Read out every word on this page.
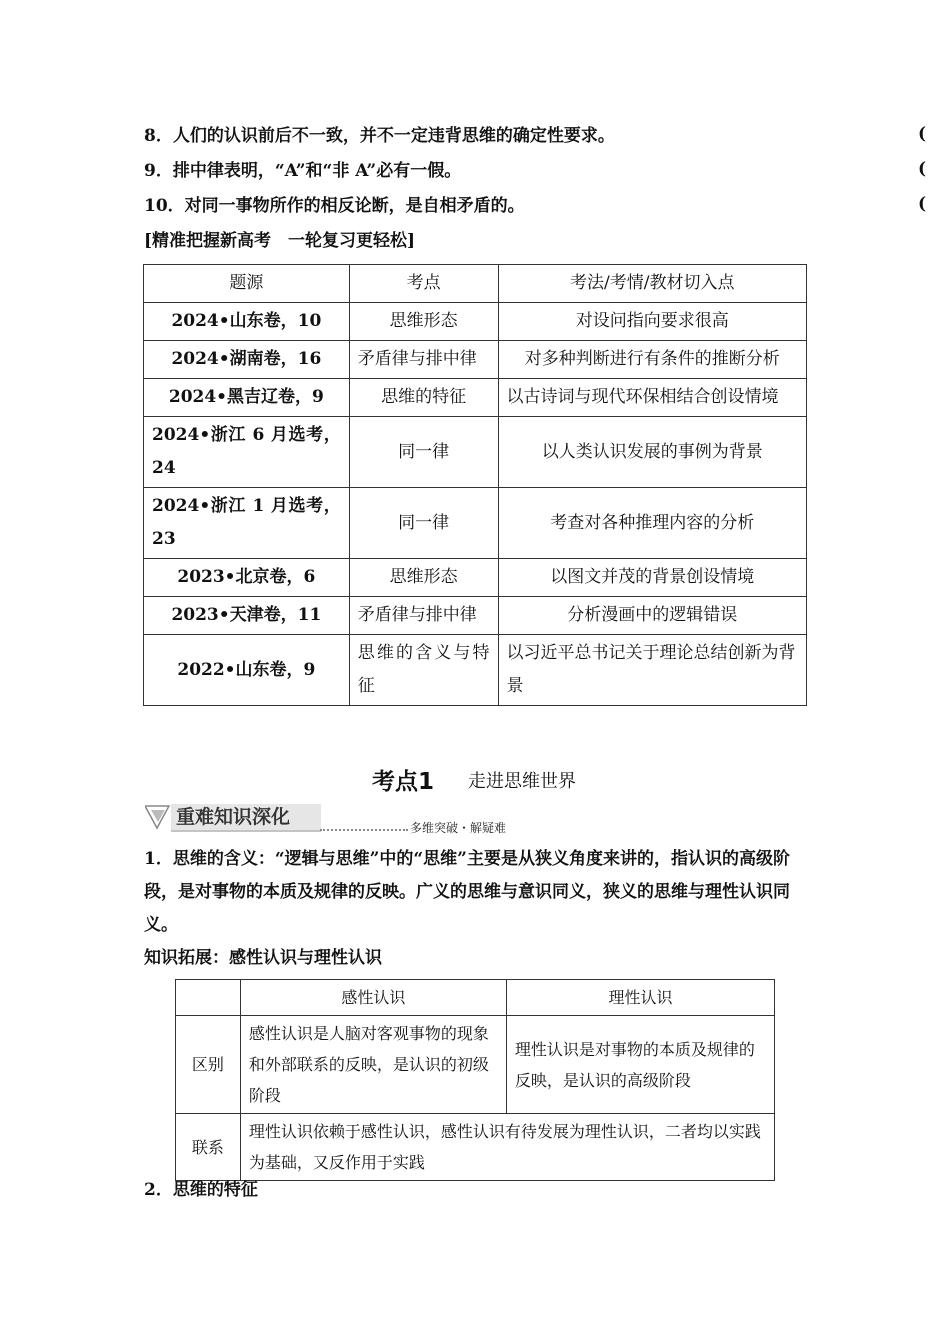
8．人们的认识前后不一致，并不一定违背思维的确定性要求。	(
9．排中律表明，“A”和“非 A”必有一假。	(
10．对同一事物所作的相反论断，是自相矛盾的。	(
[精准把握新高考　一轮复习更轻松]
题源	考点	考法/考情/教材切入点
2024•山东卷，10	思维形态	对设问指向要求很高
2024•湖南卷，16	矛盾律与排中律	对多种判断进行有条件的推断分析
2024•黑吉辽卷，9	思维的特征	以古诗词与现代环保相结合创设情境
2024•浙江 6 月选考，24	同一律	以人类认识发展的事例为背景
2024•浙江 1 月选考，23	同一律	考查对各种推理内容的分析
2023•北京卷，6	思维形态	以图文并茂的背景创设情境
2023•天津卷，11	矛盾律与排中律	分析漫画中的逻辑错误
2022•山东卷，9	思维的含义与特征	以习近平总书记关于理论总结创新为背景
考点1 走进思维世界
重难知识深化	多维突破・解疑难
1．思维的含义：“逻辑与思维”中的“思维”主要是从狭义角度来讲的，指认识的高级阶段，是对事物的本质及规律的反映。广义的思维与意识同义，狭义的思维与理性认识同义。
知识拓展：感性认识与理性认识
	感性认识	理性认识
区别	感性认识是人脑对客观事物的现象和外部联系的反映，是认识的初级阶段	理性认识是对事物的本质及规律的反映，是认识的高级阶段
联系	理性认识依赖于感性认识，感性认识有待发展为理性认识，二者均以实践为基础，又反作用于实践	
2．思维的特征
